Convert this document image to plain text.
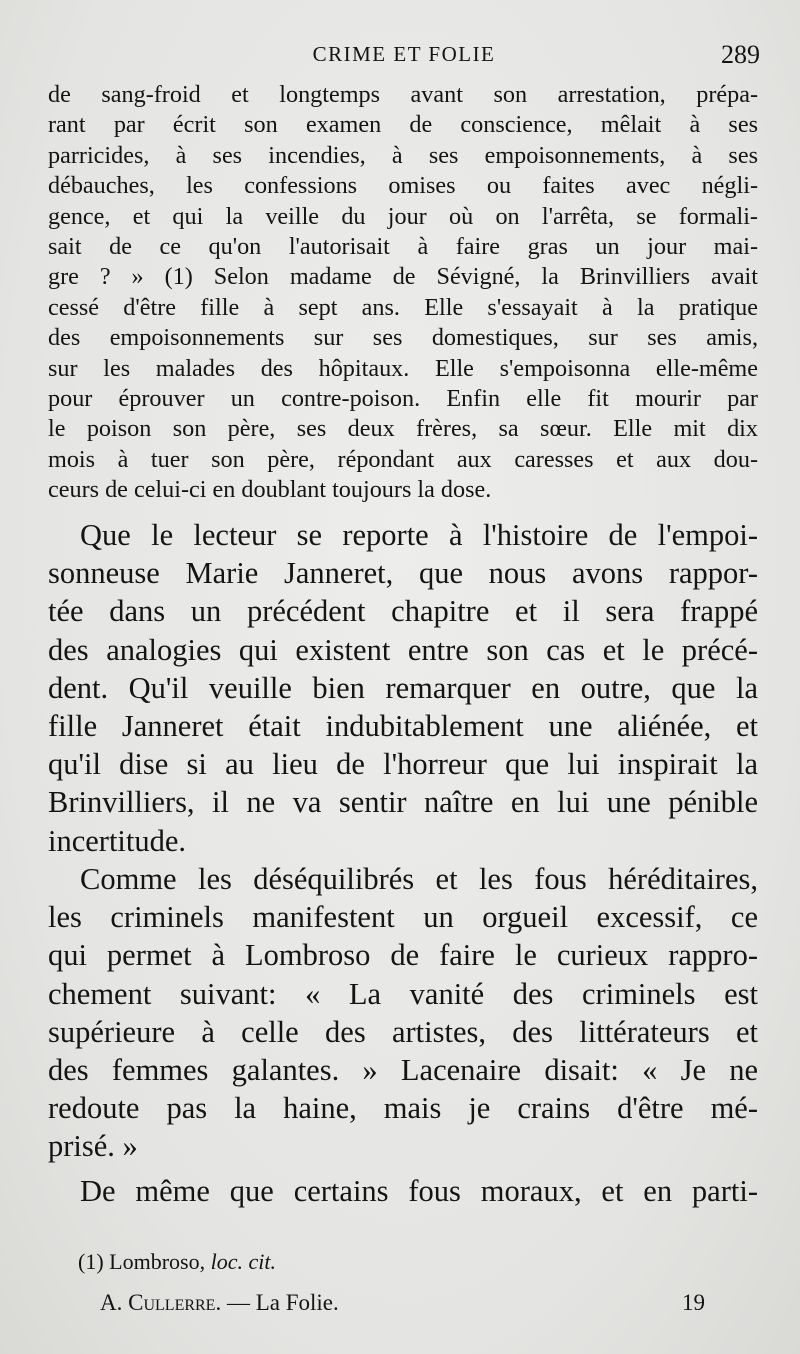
CRIME ET FOLIE	289
de sang-froid et longtemps avant son arrestation, prépa-
rant par écrit son examen de conscience, mêlait à ses
parricides, à ses incendies, à ses empoisonnements, à ses
débauches, les confessions omises ou faites avec négli-
gence, et qui la veille du jour où on l'arrêta, se formali-
sait de ce qu'on l'autorisait à faire gras un jour mai-
gre ? » (1) Selon madame de Sévigné, la Brinvilliers avait
cessé d'être fille à sept ans. Elle s'essayait à la pratique
des empoisonnements sur ses domestiques, sur ses amis,
sur les malades des hôpitaux. Elle s'empoisonna elle-même
pour éprouver un contre-poison. Enfin elle fit mourir par
le poison son père, ses deux frères, sa sœur. Elle mit dix
mois à tuer son père, répondant aux caresses et aux dou-
ceurs de celui-ci en doublant toujours la dose.
Que le lecteur se reporte à l'histoire de l'empoi-
sonneuse Marie Janneret, que nous avons rappor-
tée dans un précédent chapitre et il sera frappé
des analogies qui existent entre son cas et le précé-
dent. Qu'il veuille bien remarquer en outre, que la
fille Janneret était indubitablement une aliénée, et
qu'il dise si au lieu de l'horreur que lui inspirait la
Brinvilliers, il ne va sentir naître en lui une pénible
incertitude.
Comme les déséquilibrés et les fous héréditaires,
les criminels manifestent un orgueil excessif, ce
qui permet à Lombroso de faire le curieux rappro-
chement suivant: « La vanité des criminels est
supérieure à celle des artistes, des littérateurs et
des femmes galantes. » Lacenaire disait: « Je ne
redoute pas la haine, mais je crains d'être mé-
prisé. »
De même que certains fous moraux, et en parti-
(1) Lombroso, loc. cit.
A. Cullerre. — La Folie.	19
